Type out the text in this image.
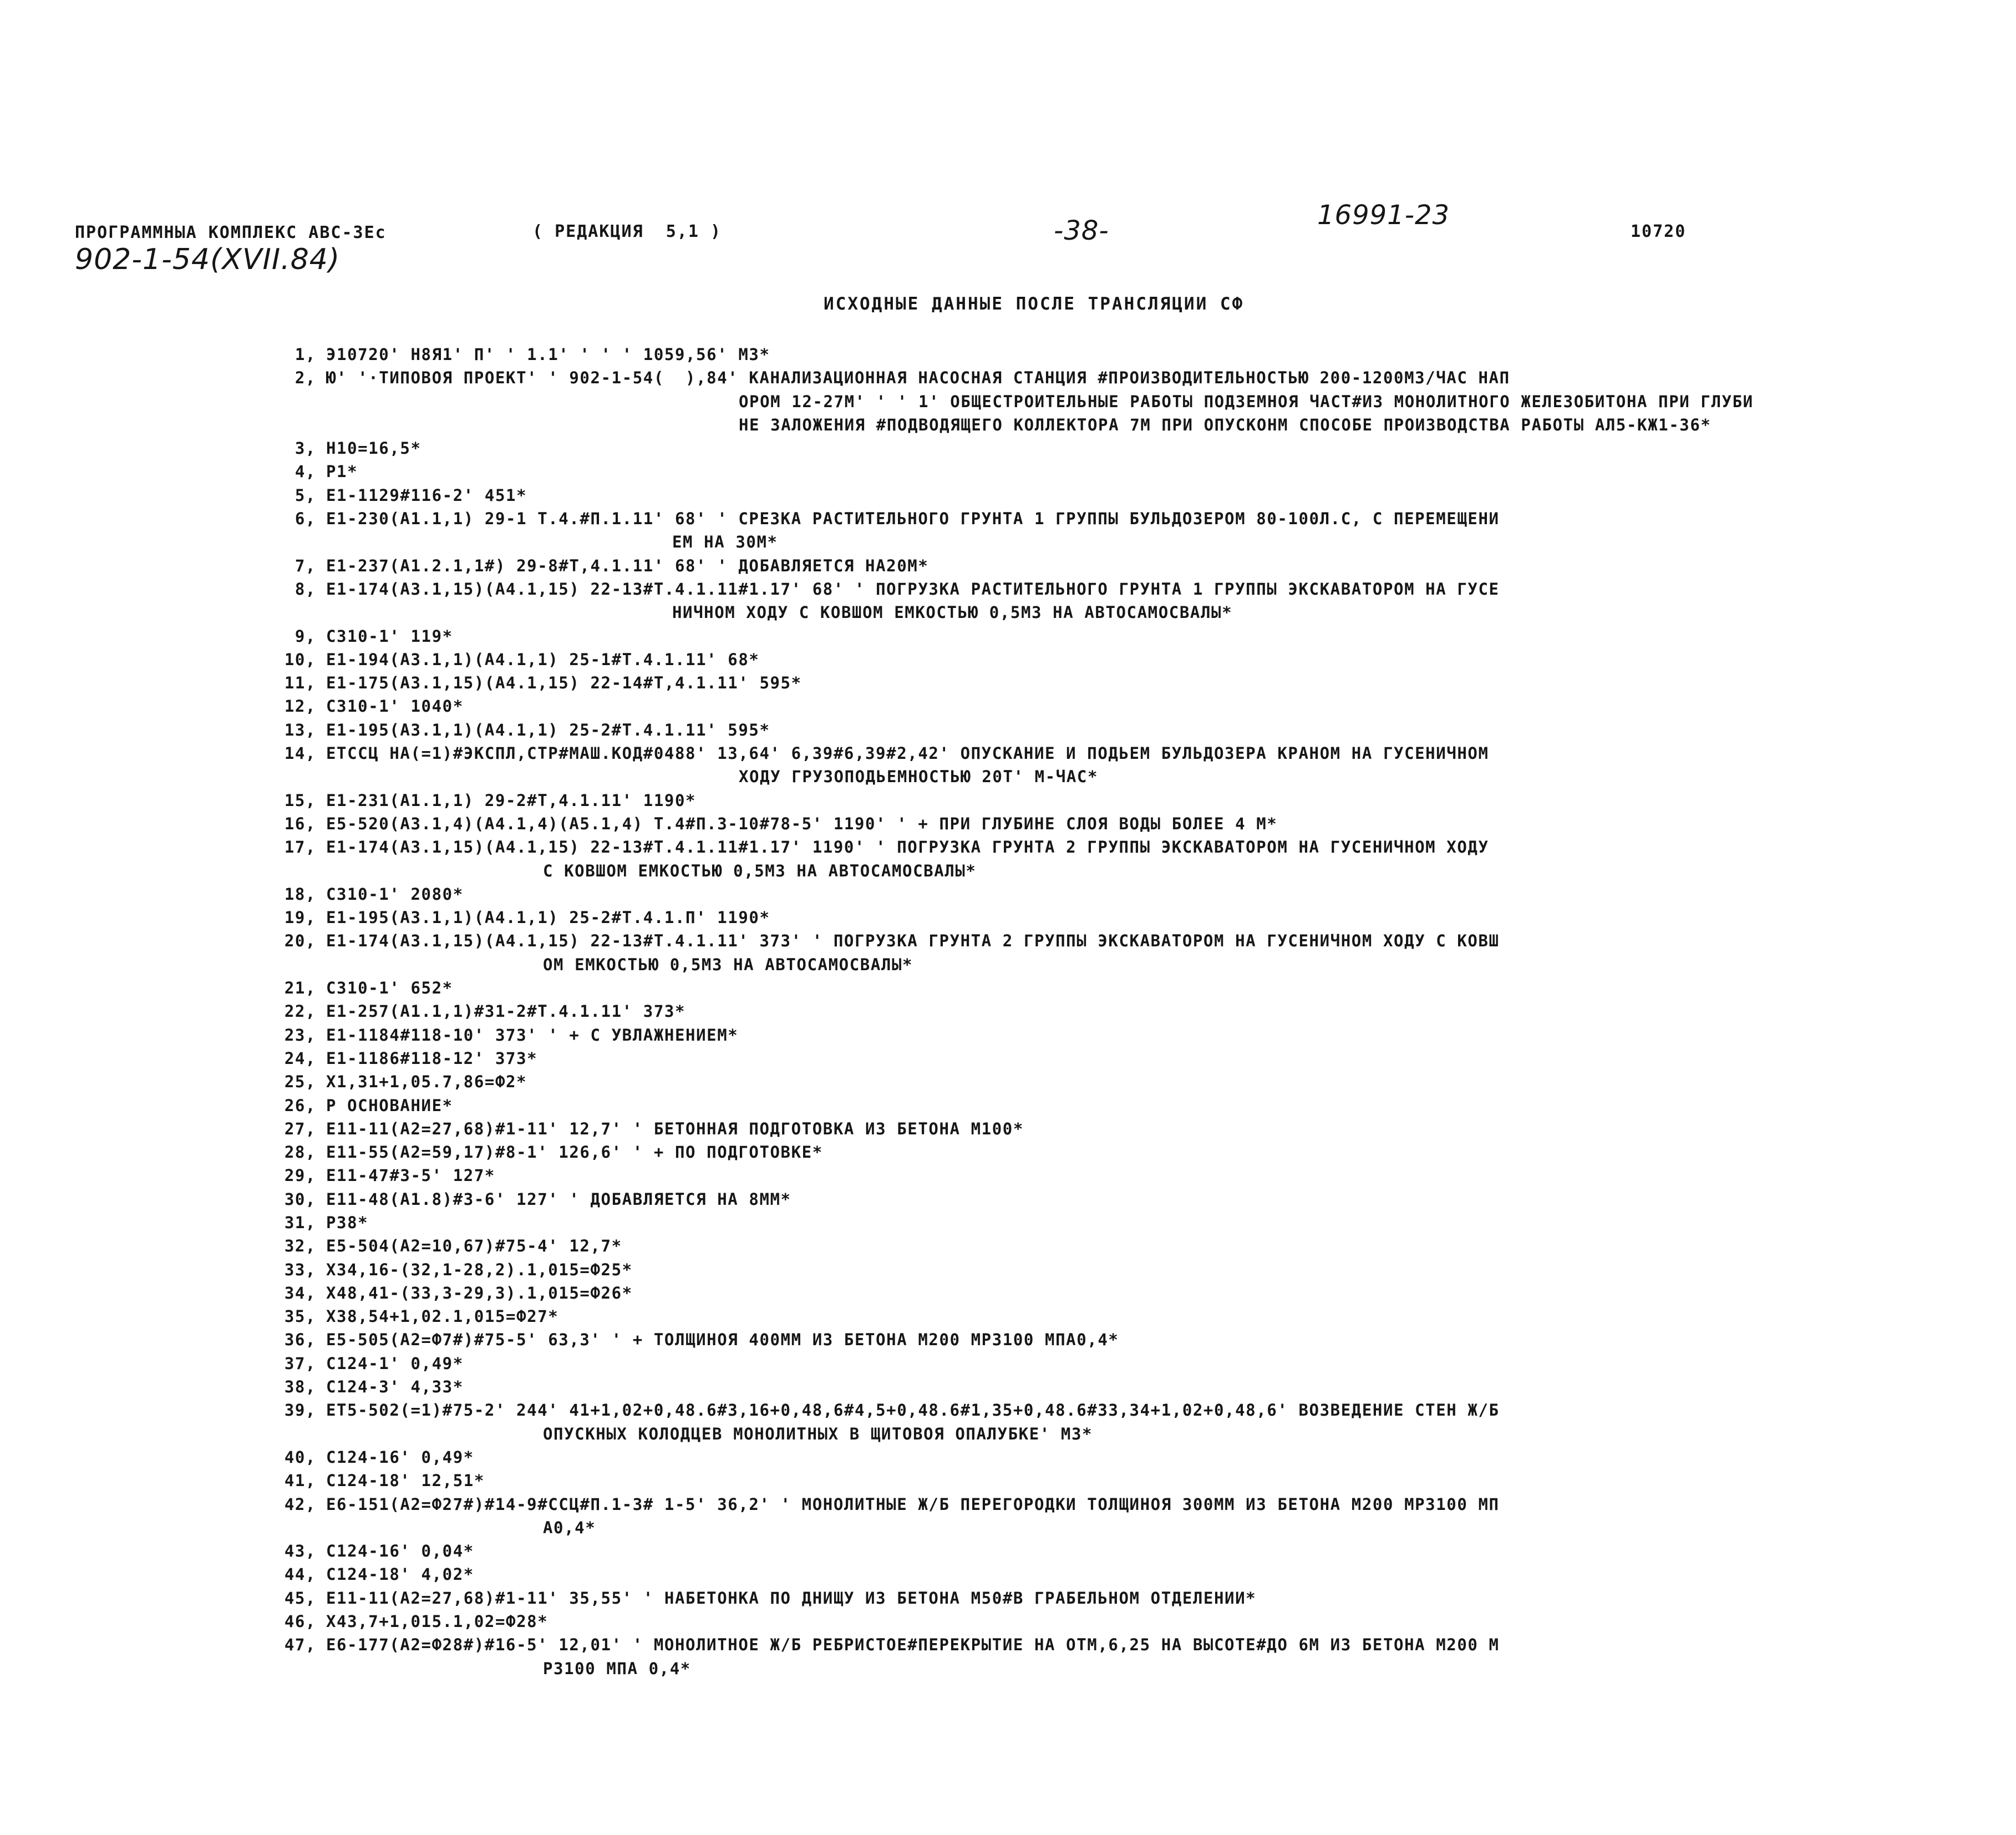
ПРОГРАММНЫА КОМПЛЕКС АВС-ЗЕс	( РЕДАКЦИЯ  5,1 )	-38-	16991-23
10720
902-1-54(XVII.84)
ИСХОДНЫЕ ДАННЫЕ ПОСЛЕ ТРАНСЛЯЦИИ СФ
1, Э10720' Н8Я1' П' ' 1.1' ' ' ' 1059,56' МЗ*
2, Ю' '·ТИПОВОЯ ПРОЕКТ' ' 902-1-54(  ),84' КАНАЛИЗАЦИОННАЯ НАСОСНАЯ СТАНЦИЯ #ПРОИЗВОДИТЕЛЬНОСТЬЮ 200-1200МЗ/ЧАС НАП
ОРОМ 12-27М' ' ' 1' ОБЩЕСТРОИТЕЛЬНЫЕ РАБОТЫ ПОДЗЕМНОЯ ЧАСТ#ИЗ МОНОЛИТНОГО ЖЕЛЕЗОБИТОНА ПРИ ГЛУБИ
НЕ ЗАЛОЖЕНИЯ #ПОДВОДЯЩЕГО КОЛЛЕКТОРА 7М ПРИ ОПУСКОНМ СПОСОБЕ ПРОИЗВОДСТВА РАБОТЫ АЛ5-КЖ1-36*
3, Н10=16,5*
4, Р1*
5, Е1-1129#116-2' 451*
6, Е1-230(А1.1,1) 29-1 Т.4.#П.1.11' 68' ' СРЕЗКА РАСТИТЕЛЬНОГО ГРУНТА 1 ГРУППЫ БУЛЬДОЗЕРОМ 80-100Л.С, С ПЕРЕМЕЩЕНИ
ЕМ НА 30М*
7, Е1-237(А1.2.1,1#) 29-8#Т,4.1.11' 68' ' ДОБАВЛЯЕТСЯ НА20М*
8, Е1-174(А3.1,15)(А4.1,15) 22-13#Т.4.1.11#1.17' 68' ' ПОГРУЗКА РАСТИТЕЛЬНОГО ГРУНТА 1 ГРУППЫ ЭКСКАВАТОРОМ НА ГУСЕ
НИЧНОМ ХОДУ С КОВШОМ ЕМКОСТЬЮ 0,5МЗ НА АВТОСАМОСВАЛЫ*
9, С310-1' 119*
10, Е1-194(А3.1,1)(А4.1,1) 25-1#Т.4.1.11' 68*
11, Е1-175(А3.1,15)(А4.1,15) 22-14#Т,4.1.11' 595*
12, С310-1' 1040*
13, Е1-195(А3.1,1)(А4.1,1) 25-2#Т.4.1.11' 595*
14, ЕТССЦ НА(=1)#ЭКСПЛ,СТР#МАШ.КОД#0488' 13,64' 6,39#6,39#2,42' ОПУСКАНИЕ И ПОДЬЕМ БУЛЬДОЗЕРА КРАНОМ НА ГУСЕНИЧНОМ
ХОДУ ГРУЗОПОДЬЕМНОСТЬЮ 20Т' М-ЧАС*
15, Е1-231(А1.1,1) 29-2#Т,4.1.11' 1190*
16, Е5-520(А3.1,4)(А4.1,4)(А5.1,4) Т.4#П.3-10#78-5' 1190' ' + ПРИ ГЛУБИНЕ СЛОЯ ВОДЫ БОЛЕЕ 4 М*
17, Е1-174(А3.1,15)(А4.1,15) 22-13#Т.4.1.11#1.17' 1190' ' ПОГРУЗКА ГРУНТА 2 ГРУППЫ ЭКСКАВАТОРОМ НА ГУСЕНИЧНОМ ХОДУ
С КОВШОМ ЕМКОСТЬЮ 0,5МЗ НА АВТОСАМОСВАЛЫ*
18, С310-1' 2080*
19, Е1-195(А3.1,1)(А4.1,1) 25-2#Т.4.1.П' 1190*
20, Е1-174(А3.1,15)(А4.1,15) 22-13#Т.4.1.11' 373' ' ПОГРУЗКА ГРУНТА 2 ГРУППЫ ЭКСКАВАТОРОМ НА ГУСЕНИЧНОМ ХОДУ С КОВШ
ОМ ЕМКОСТЬЮ 0,5МЗ НА АВТОСАМОСВАЛЫ*
21, С310-1' 652*
22, Е1-257(А1.1,1)#31-2#Т.4.1.11' 373*
23, Е1-1184#118-10' 373' ' + С УВЛАЖНЕНИЕМ*
24, Е1-1186#118-12' 373*
25, Х1,31+1,05.7,86=Ф2*
26, Р ОСНОВАНИЕ*
27, Е11-11(А2=27,68)#1-11' 12,7' ' БЕТОННАЯ ПОДГОТОВКА ИЗ БЕТОНА М100*
28, Е11-55(А2=59,17)#8-1' 126,6' ' + ПО ПОДГОТОВКЕ*
29, Е11-47#3-5' 127*
30, Е11-48(А1.8)#3-6' 127' ' ДОБАВЛЯЕТСЯ НА 8ММ*
31, Р38*
32, Е5-504(А2=10,67)#75-4' 12,7*
33, Х34,16-(32,1-28,2).1,015=Ф25*
34, Х48,41-(33,3-29,3).1,015=Ф26*
35, Х38,54+1,02.1,015=Ф27*
36, Е5-505(А2=Ф7#)#75-5' 63,3' ' + ТОЛЩИНОЯ 400ММ ИЗ БЕТОНА М200 МРЗ100 МПА0,4*
37, С124-1' 0,49*
38, С124-3' 4,33*
39, ЕТ5-502(=1)#75-2' 244' 41+1,02+0,48.6#3,16+0,48,6#4,5+0,48.6#1,35+0,48.6#33,34+1,02+0,48,6' ВОЗВЕДЕНИЕ СТЕН Ж/Б
ОПУСКНЫХ КОЛОДЦЕВ МОНОЛИТНЫХ В ЩИТОВОЯ ОПАЛУБКЕ' МЗ*
40, С124-16' 0,49*
41, С124-18' 12,51*
42, Е6-151(А2=Ф27#)#14-9#ССЦ#П.1-3# 1-5' 36,2' ' МОНОЛИТНЫЕ Ж/Б ПЕРЕГОРОДКИ ТОЛЩИНОЯ 300ММ ИЗ БЕТОНА М200 МРЗ100 МП
А0,4*
43, С124-16' 0,04*
44, С124-18' 4,02*
45, Е11-11(А2=27,68)#1-11' 35,55' ' НАБЕТОНКА ПО ДНИЩУ ИЗ БЕТОНА М50#В ГРАБЕЛЬНОМ ОТДЕЛЕНИИ*
46, Х43,7+1,015.1,02=Ф28*
47, Е6-177(А2=Ф28#)#16-5' 12,01' ' МОНОЛИТНОЕ Ж/Б РЕБРИСТОЕ#ПЕРЕКРЫТИЕ НА ОТМ,6,25 НА ВЫСОТЕ#ДО 6М ИЗ БЕТОНА М200 М
РЗ100 МПА 0,4*
